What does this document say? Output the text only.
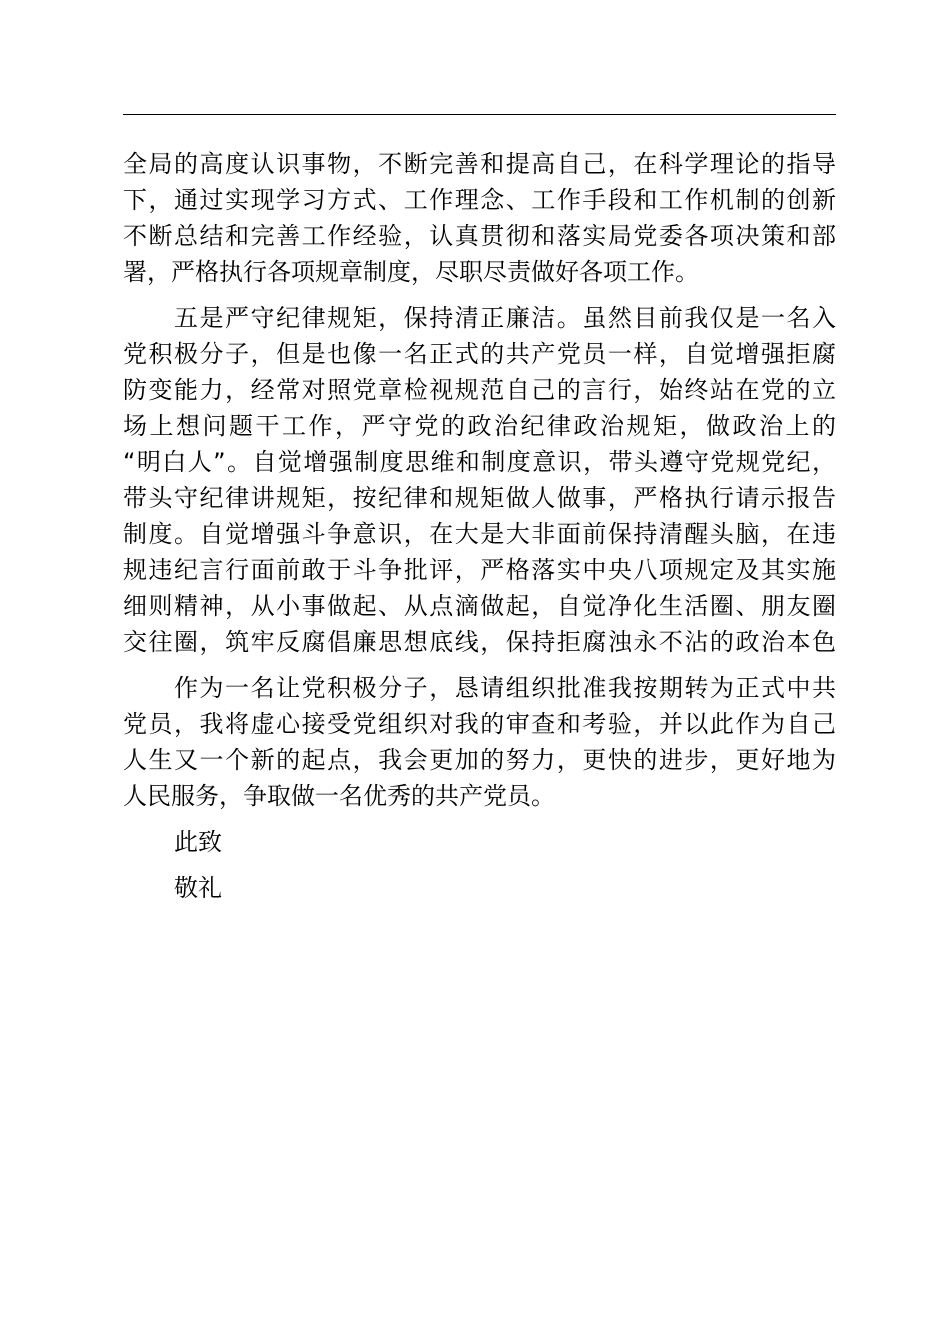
全局的高度认识事物，不断完善和提高自己，在科学理论的指导
下，通过实现学习方式、工作理念、工作手段和工作机制的创新
不断总结和完善工作经验，认真贯彻和落实局党委各项决策和部
署，严格执行各项规章制度，尽职尽责做好各项工作。
五是严守纪律规矩，保持清正廉洁。虽然目前我仅是一名入
党积极分子，但是也像一名正式的共产党员一样，自觉增强拒腐
防变能力，经常对照党章检视规范自己的言行，始终站在党的立
场上想问题干工作，严守党的政治纪律政治规矩，做政治上的
“明白人”。自觉增强制度思维和制度意识，带头遵守党规党纪，
带头守纪律讲规矩，按纪律和规矩做人做事，严格执行请示报告
制度。自觉增强斗争意识，在大是大非面前保持清醒头脑，在违
规违纪言行面前敢于斗争批评，严格落实中央八项规定及其实施
细则精神，从小事做起、从点滴做起，自觉净化生活圈、朋友圈
交往圈，筑牢反腐倡廉思想底线，保持拒腐浊永不沾的政治本色
作为一名让党积极分子，恳请组织批准我按期转为正式中共
党员，我将虚心接受党组织对我的审查和考验，并以此作为自己
人生又一个新的起点，我会更加的努力，更快的进步，更好地为
人民服务，争取做一名优秀的共产党员。
此致
敬礼
